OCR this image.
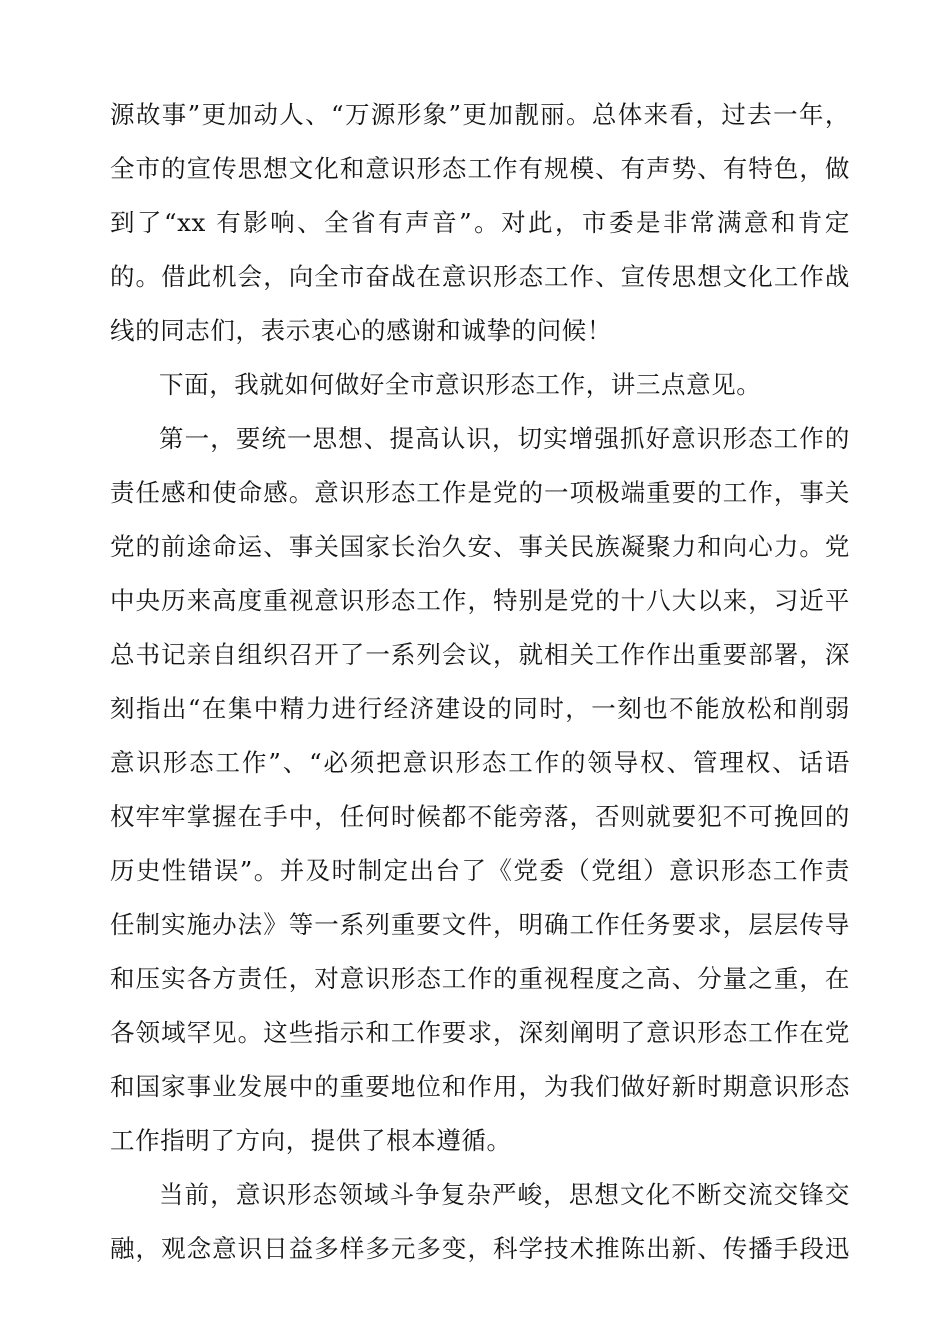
源故事”更加动人、“万源形象”更加靓丽。总体来看，过去一年，
全市的宣传思想文化和意识形态工作有规模、有声势、有特色，做
到了“xx 有影响、全省有声音”。对此，市委是非常满意和肯定
的。借此机会，向全市奋战在意识形态工作、宣传思想文化工作战
线的同志们，表示衷心的感谢和诚挚的问候！
下面，我就如何做好全市意识形态工作，讲三点意见。
第一，要统一思想、提高认识，切实增强抓好意识形态工作的
责任感和使命感。意识形态工作是党的一项极端重要的工作，事关
党的前途命运、事关国家长治久安、事关民族凝聚力和向心力。党
中央历来高度重视意识形态工作，特别是党的十八大以来，习近平
总书记亲自组织召开了一系列会议，就相关工作作出重要部署，深
刻指出“在集中精力进行经济建设的同时，一刻也不能放松和削弱
意识形态工作”、“必须把意识形态工作的领导权、管理权、话语
权牢牢掌握在手中，任何时候都不能旁落，否则就要犯不可挽回的
历史性错误”。并及时制定出台了《党委（党组）意识形态工作责
任制实施办法》等一系列重要文件，明确工作任务要求，层层传导
和压实各方责任，对意识形态工作的重视程度之高、分量之重，在
各领域罕见。这些指示和工作要求，深刻阐明了意识形态工作在党
和国家事业发展中的重要地位和作用，为我们做好新时期意识形态
工作指明了方向，提供了根本遵循。
当前，意识形态领域斗争复杂严峻，思想文化不断交流交锋交
融，观念意识日益多样多元多变，科学技术推陈出新、传播手段迅
